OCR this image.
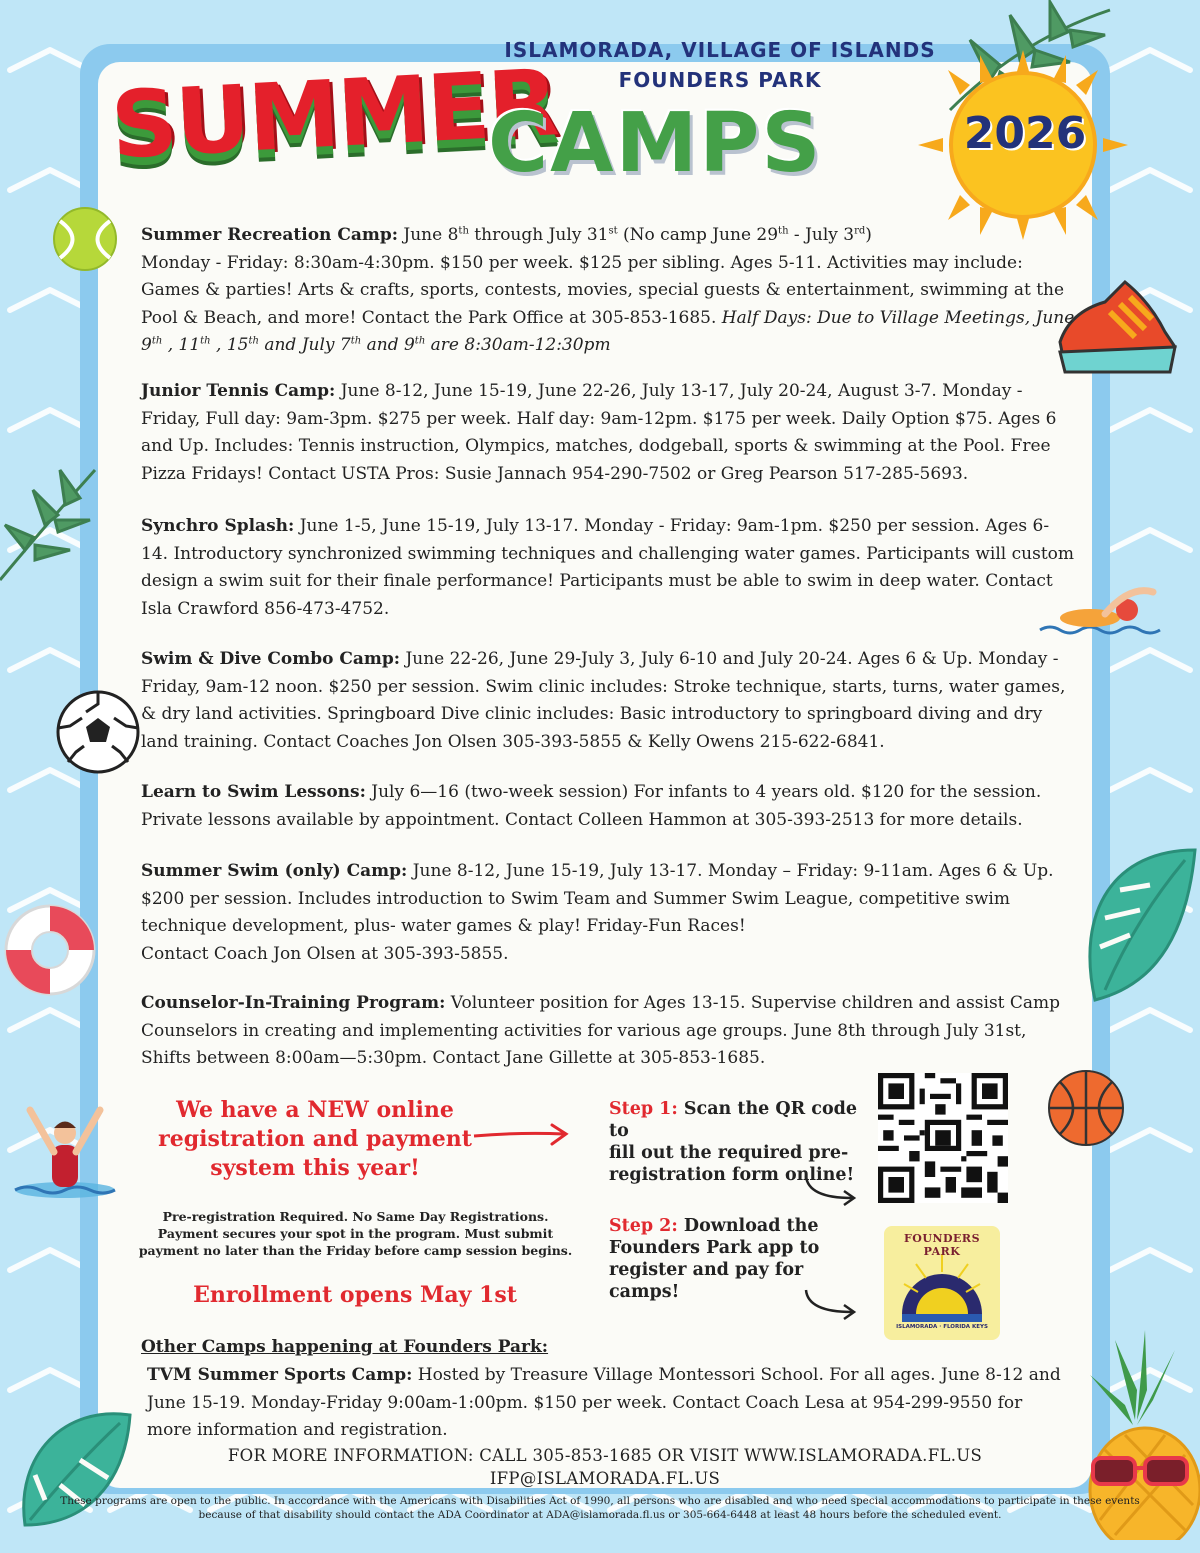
2026
ISLAMORADA, VILLAGE OF ISLANDS
FOUNDERS PARK
SUMMER
CAMPS
Summer Recreation Camp: June 8th through July 31st (No camp June 29th - July 3rd)
Monday - Friday: 8:30am-4:30pm. $150 per week. $125 per sibling. Ages 5-11. Activities may include: Games & parties! Arts & crafts, sports, contests, movies, special guests & entertainment, swimming at the Pool & Beach, and more! Contact the Park Office at 305-853-1685. Half Days: Due to Village Meetings, June 9th , 11th , 15th and July 7th and 9th are 8:30am-12:30pm
Junior Tennis Camp: June 8-12, June 15-19, June 22-26, July 13-17, July 20-24, August 3-7. Monday - Friday, Full day: 9am-3pm. $275 per week. Half day: 9am-12pm. $175 per week. Daily Option $75. Ages 6 and Up. Includes: Tennis instruction, Olympics, matches, dodgeball, sports & swimming at the Pool. Free Pizza Fridays! Contact USTA Pros: Susie Jannach 954-290-7502 or Greg Pearson 517-285-5693.
Synchro Splash: June 1-5, June 15-19, July 13-17. Monday - Friday: 9am-1pm. $250 per session. Ages 6-14. Introductory synchronized swimming techniques and challenging water games. Participants will custom design a swim suit for their finale performance! Participants must be able to swim in deep water. Contact Isla Crawford 856-473-4752.
Swim & Dive Combo Camp: June 22-26, June 29-July 3, July 6-10 and July 20-24. Ages 6 & Up. Monday - Friday, 9am-12 noon. $250 per session. Swim clinic includes: Stroke technique, starts, turns, water games, & dry land activities. Springboard Dive clinic includes: Basic introductory to springboard diving and dry land training. Contact Coaches Jon Olsen 305-393-5855 & Kelly Owens 215-622-6841.
Learn to Swim Lessons: July 6—16 (two-week session) For infants to 4 years old. $120 for the session. Private lessons available by appointment. Contact Colleen Hammon at 305-393-2513 for more details.
Summer Swim (only) Camp: June 8-12, June 15-19, July 13-17. Monday – Friday: 9-11am. Ages 6 & Up. $200 per session. Includes introduction to Swim Team and Summer Swim League, competitive swim technique development, plus- water games & play! Friday-Fun Races!
Contact Coach Jon Olsen at 305-393-5855.
Counselor-In-Training Program: Volunteer position for Ages 13-15. Supervise children and assist Camp Counselors in creating and implementing activities for various age groups. June 8th through July 31st, Shifts between 8:00am—5:30pm. Contact Jane Gillette at 305-853-1685.
We have a NEW online
registration and payment
system this year!
Pre-registration Required. No Same Day Registrations.
Payment secures your spot in the program. Must submit
payment no later than the Friday before camp session begins.
Enrollment opens May 1st
Step 1: Scan the QR code to
fill out the required pre-
registration form online!
Step 2: Download the
Founders Park app to
register and pay for camps!
FOUNDERS PARK
ISLAMORADA · FLORIDA KEYS
Other Camps happening at Founders Park:
TVM Summer Sports Camp: Hosted by Treasure Village Montessori School. For all ages. June 8-12 and June 15-19. Monday-Friday 9:00am-1:00pm. $150 per week. Contact Coach Lesa at 954-299-9550 for more information and registration.
FOR MORE INFORMATION: CALL 305-853-1685 OR VISIT WWW.ISLAMORADA.FL.US
IFP@ISLAMORADA.FL.US
These programs are open to the public. In accordance with the Americans with Disabilities Act of 1990, all persons who are disabled and who need special accommodations to participate in these events because of that disability should contact the ADA Coordinator at ADA@islamorada.fl.us or 305-664-6448 at least 48 hours before the scheduled event.
